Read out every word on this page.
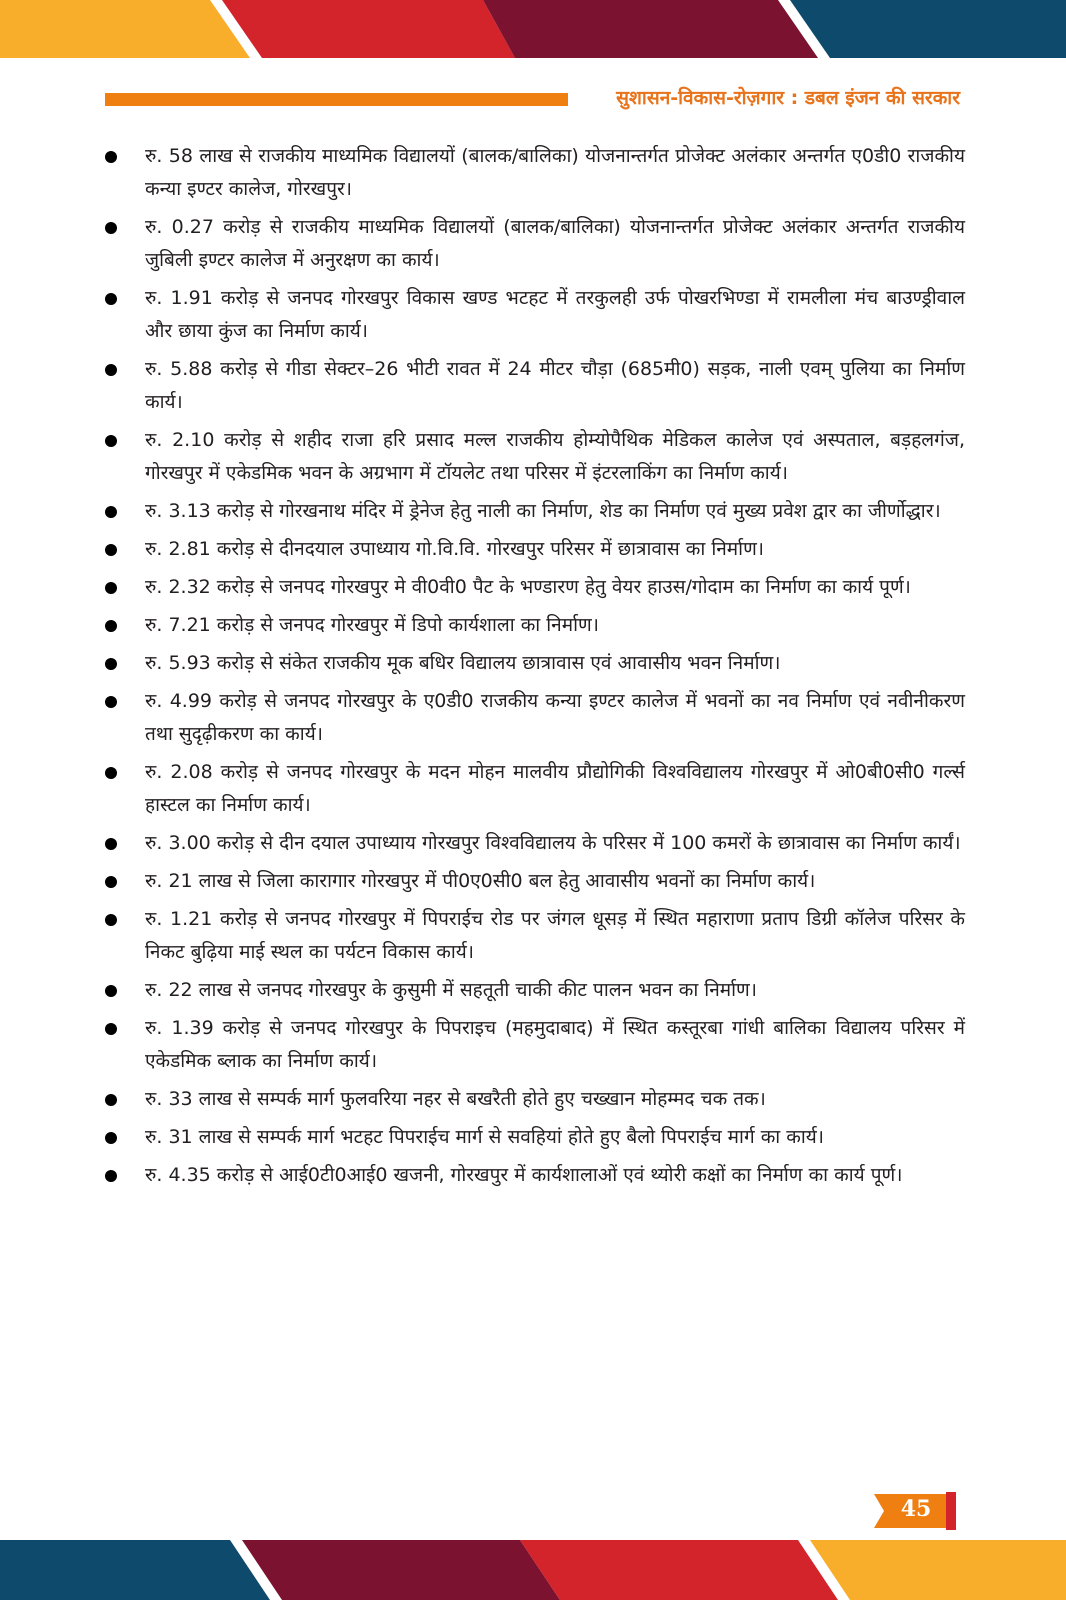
सुशासन-विकास-रोज़गार : डबल इंजन की सरकार
रु. 58 लाख से राजकीय माध्यमिक विद्यालयों (बालक/बालिका) योजनान्तर्गत प्रोजेक्ट अलंकार अन्तर्गत ए0डी0 राजकीय कन्या इण्टर कालेज, गोरखपुर।
रु. 0.27 करोड़ से राजकीय माध्यमिक विद्यालयों (बालक/बालिका) योजनान्तर्गत प्रोजेक्ट अलंकार अन्तर्गत राजकीय जुबिली इण्टर कालेज में अनुरक्षण का कार्य।
रु. 1.91 करोड़ से जनपद गोरखपुर विकास खण्ड भटहट में तरकुलही उर्फ पोखरभिण्डा में रामलीला मंच बाउण्ड्रीवाल और छाया कुंज का निर्माण कार्य।
रु. 5.88 करोड़ से गीडा सेक्टर–26 भीटी रावत में 24 मीटर चौड़ा (685मी0) सड़क, नाली एवम् पुलिया का निर्माण कार्य।
रु. 2.10 करोड़ से शहीद राजा हरि प्रसाद मल्ल राजकीय होम्योपैथिक मेडिकल कालेज एवं अस्पताल, बड़हलगंज, गोरखपुर में एकेडमिक भवन के अग्रभाग में टॉयलेट तथा परिसर में इंटरलाकिंग का निर्माण कार्य।
रु. 3.13 करोड़ से गोरखनाथ मंदिर में ड्रेनेज हेतु नाली का निर्माण, शेड का निर्माण एवं मुख्य प्रवेश द्वार का जीर्णोद्धार।
रु. 2.81 करोड़ से दीनदयाल उपाध्याय गो.वि.वि. गोरखपुर परिसर में छात्रावास का निर्माण।
रु. 2.32 करोड़ से जनपद गोरखपुर मे वी0वी0 पैट के भण्डारण हेतु वेयर हाउस/गोदाम का निर्माण का कार्य पूर्ण।
रु. 7.21 करोड़ से जनपद गोरखपुर में डिपो कार्यशाला का निर्माण।
रु. 5.93 करोड़ से संकेत राजकीय मूक बधिर विद्यालय छात्रावास एवं आवासीय भवन निर्माण।
रु. 4.99 करोड़ से जनपद गोरखपुर के ए0डी0 राजकीय कन्या इण्टर कालेज में भवनों का नव निर्माण एवं नवीनीकरण तथा सुदृढ़ीकरण का कार्य।
रु. 2.08 करोड़ से जनपद गोरखपुर के मदन मोहन मालवीय प्रौद्योगिकी विश्वविद्यालय गोरखपुर में ओ0बी0सी0 गर्ल्स हास्टल का निर्माण कार्य।
रु. 3.00 करोड़ से दीन दयाल उपाध्याय गोरखपुर विश्वविद्यालय के परिसर में 100 कमरों के छात्रावास का निर्माण कार्यं।
रु. 21 लाख से जिला कारागार गोरखपुर में पी0ए0सी0 बल हेतु आवासीय भवनों का निर्माण कार्य।
रु. 1.21 करोड़ से जनपद गोरखपुर में पिपराईच रोड पर जंगल धूसड़ में स्थित महाराणा प्रताप डिग्री कॉलेज परिसर के निकट बुढ़िया माई स्थल का पर्यटन विकास कार्य।
रु. 22 लाख से जनपद गोरखपुर के कुसुमी में सहतूती चाकी कीट पालन भवन का निर्माण।
रु. 1.39 करोड़ से जनपद गोरखपुर के पिपराइच (महमुदाबाद) में स्थित कस्तूरबा गांधी बालिका विद्यालय परिसर में एकेडमिक ब्लाक का निर्माण कार्य।
रु. 33 लाख से सम्पर्क मार्ग फुलवरिया नहर से बखरैती होते हुए चख्खान मोहम्मद चक तक।
रु. 31 लाख से सम्पर्क मार्ग भटहट पिपराईच मार्ग से सवहियां होते हुए बैलो पिपराईच मार्ग का कार्य।
रु. 4.35 करोड़ से आई0टी0आई0 खजनी, गोरखपुर में कार्यशालाओं एवं थ्योरी कक्षों का निर्माण का कार्य पूर्ण।
45
